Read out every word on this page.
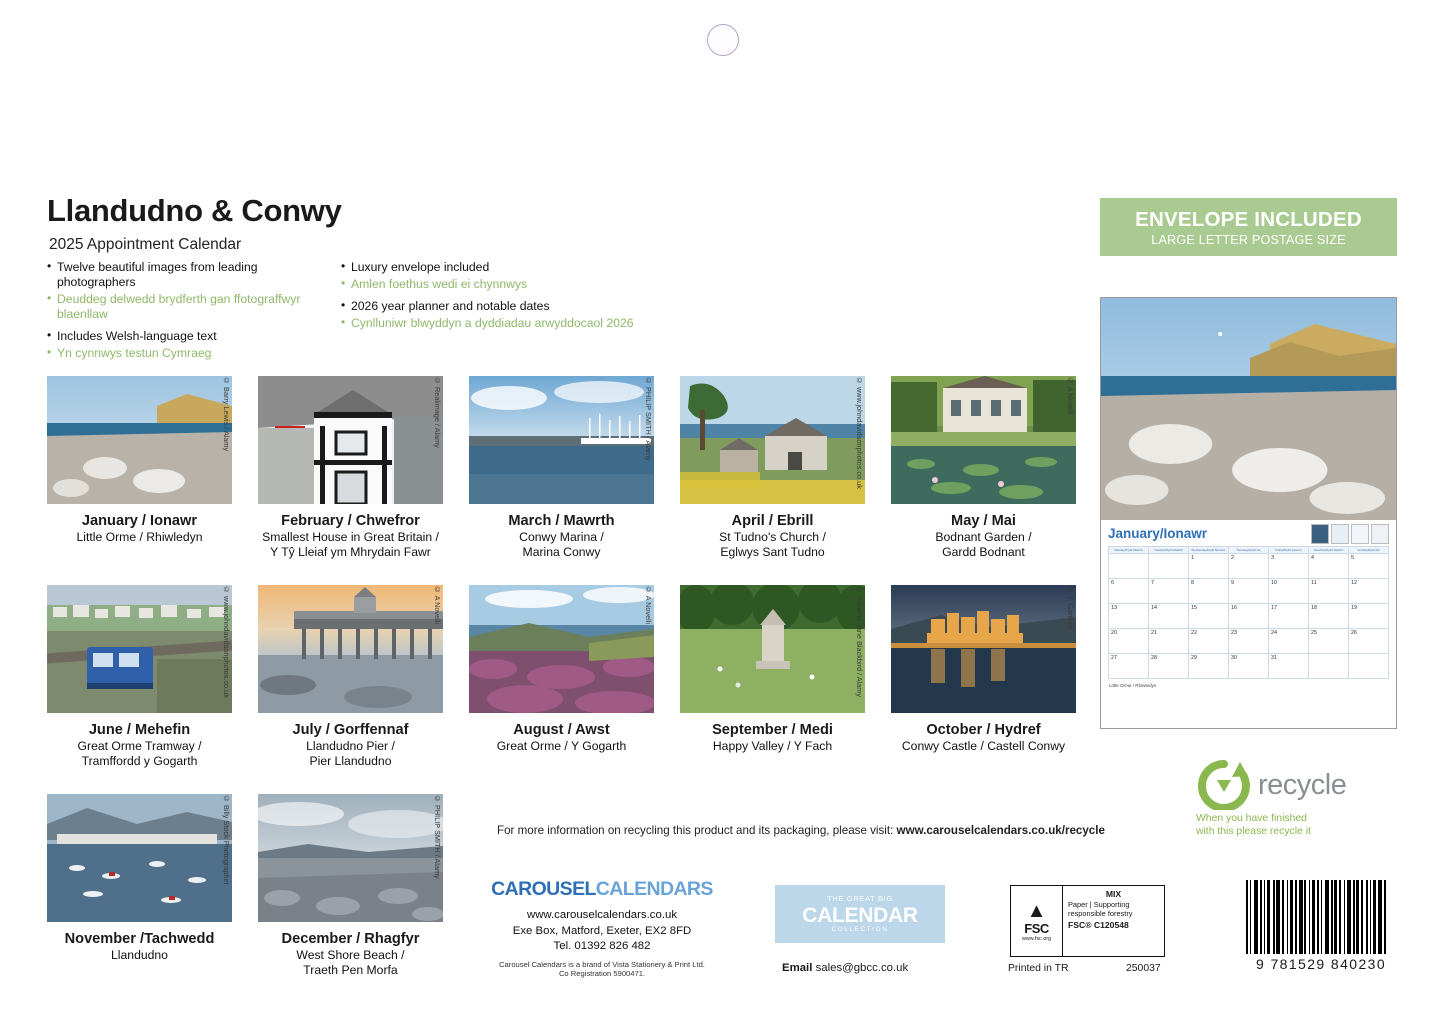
Llandudno & Conwy
2025 Appointment Calendar
• Twelve beautiful images from leading photographers
• Deuddeg delwedd brydferth gan ffotograffwyr blaenllaw
• Includes Welsh-language text
• Yn cynnwys testun Cymraeg
• Luxury envelope included
• Amlen foethus wedi ei chynnwys
• 2026 year planner and notable dates
• Cynlluniwr blwyddyn a dyddiadau arwyddocaol 2026
ENVELOPE INCLUDED
LARGE LETTER POSTAGE SIZE
© Barry Lewis / Alamy
January / Ionawr
Little Orme / Rhiwledyn
© Realimage / Alamy
February / Chwefror
Smallest House in Great Britain /
Y Tŷ Lleiaf ym Mhrydain Fawr
© PHILIP SMITH / Alamy
March / Mawrth
Conwy Marina /
Marina Conwy
© www.johndavidsonphotos.co.uk
April / Ebrill
St Tudno's Church /
Eglwys Sant Tudno
© A Novelli
May / Mai
Bodnant Garden /
Gardd Bodnant
© www.johndavidsonphotos.co.uk
June / Mehefin
Great Orme Tramway /
Tramffordd y Gogarth
© A Novelli
July / Gorffennaf
Llandudno Pier /
Pier Llandudno
© A Novelli
August / Awst
Great Orme / Y Gogarth
© Sabena Jane Blackbird / Alamy
September / Medi
Happy Valley / Y Fach
© T. Gartside
October / Hydref
Conwy Castle / Castell Conwy
© Billy Stock Photographer
November /Tachwedd
Llandudno
© PHILIP SMITH / Alamy
December / Rhagfyr
West Shore Beach /
Traeth Pen Morfa
January/Ionawr
Monday/Dydd Mawrth	Tuesday/Dydd Mawrth	Wednesday/Dydd Mercher	Thursday/Dydd Iau	Friday/Dydd Gwener	Saturday/Dydd Sadwrn	Sunday/Dydd Sul
		1	2	3	4	5
6	7	8	9	10	11	12
13	14	15	16	17	18	19
20	21	22	23	24	25	26
27	28	29	30	31		
Little Orme / Rhiwledyn
recycle
When you have finished
with this please recycle it
For more information on recycling this product and its packaging, please visit: www.carouselcalendars.co.uk/recycle
CAROUSELCALENDARS
www.carouselcalendars.co.uk
Exe Box, Matford, Exeter, EX2 8FD
Tel. 01392 826 482
Carousel Calendars is a brand of Vista Stationery & Print Ltd.
Co Registration 5900471.
THE GREAT BIG
CALENDAR
COLLECTION
Email sales@gbcc.co.uk
▲
FSC
www.fsc.org
MIX
Paper | Supporting
responsible forestry
FSC® C120548
Printed in TR	250037	9 781529 840230
